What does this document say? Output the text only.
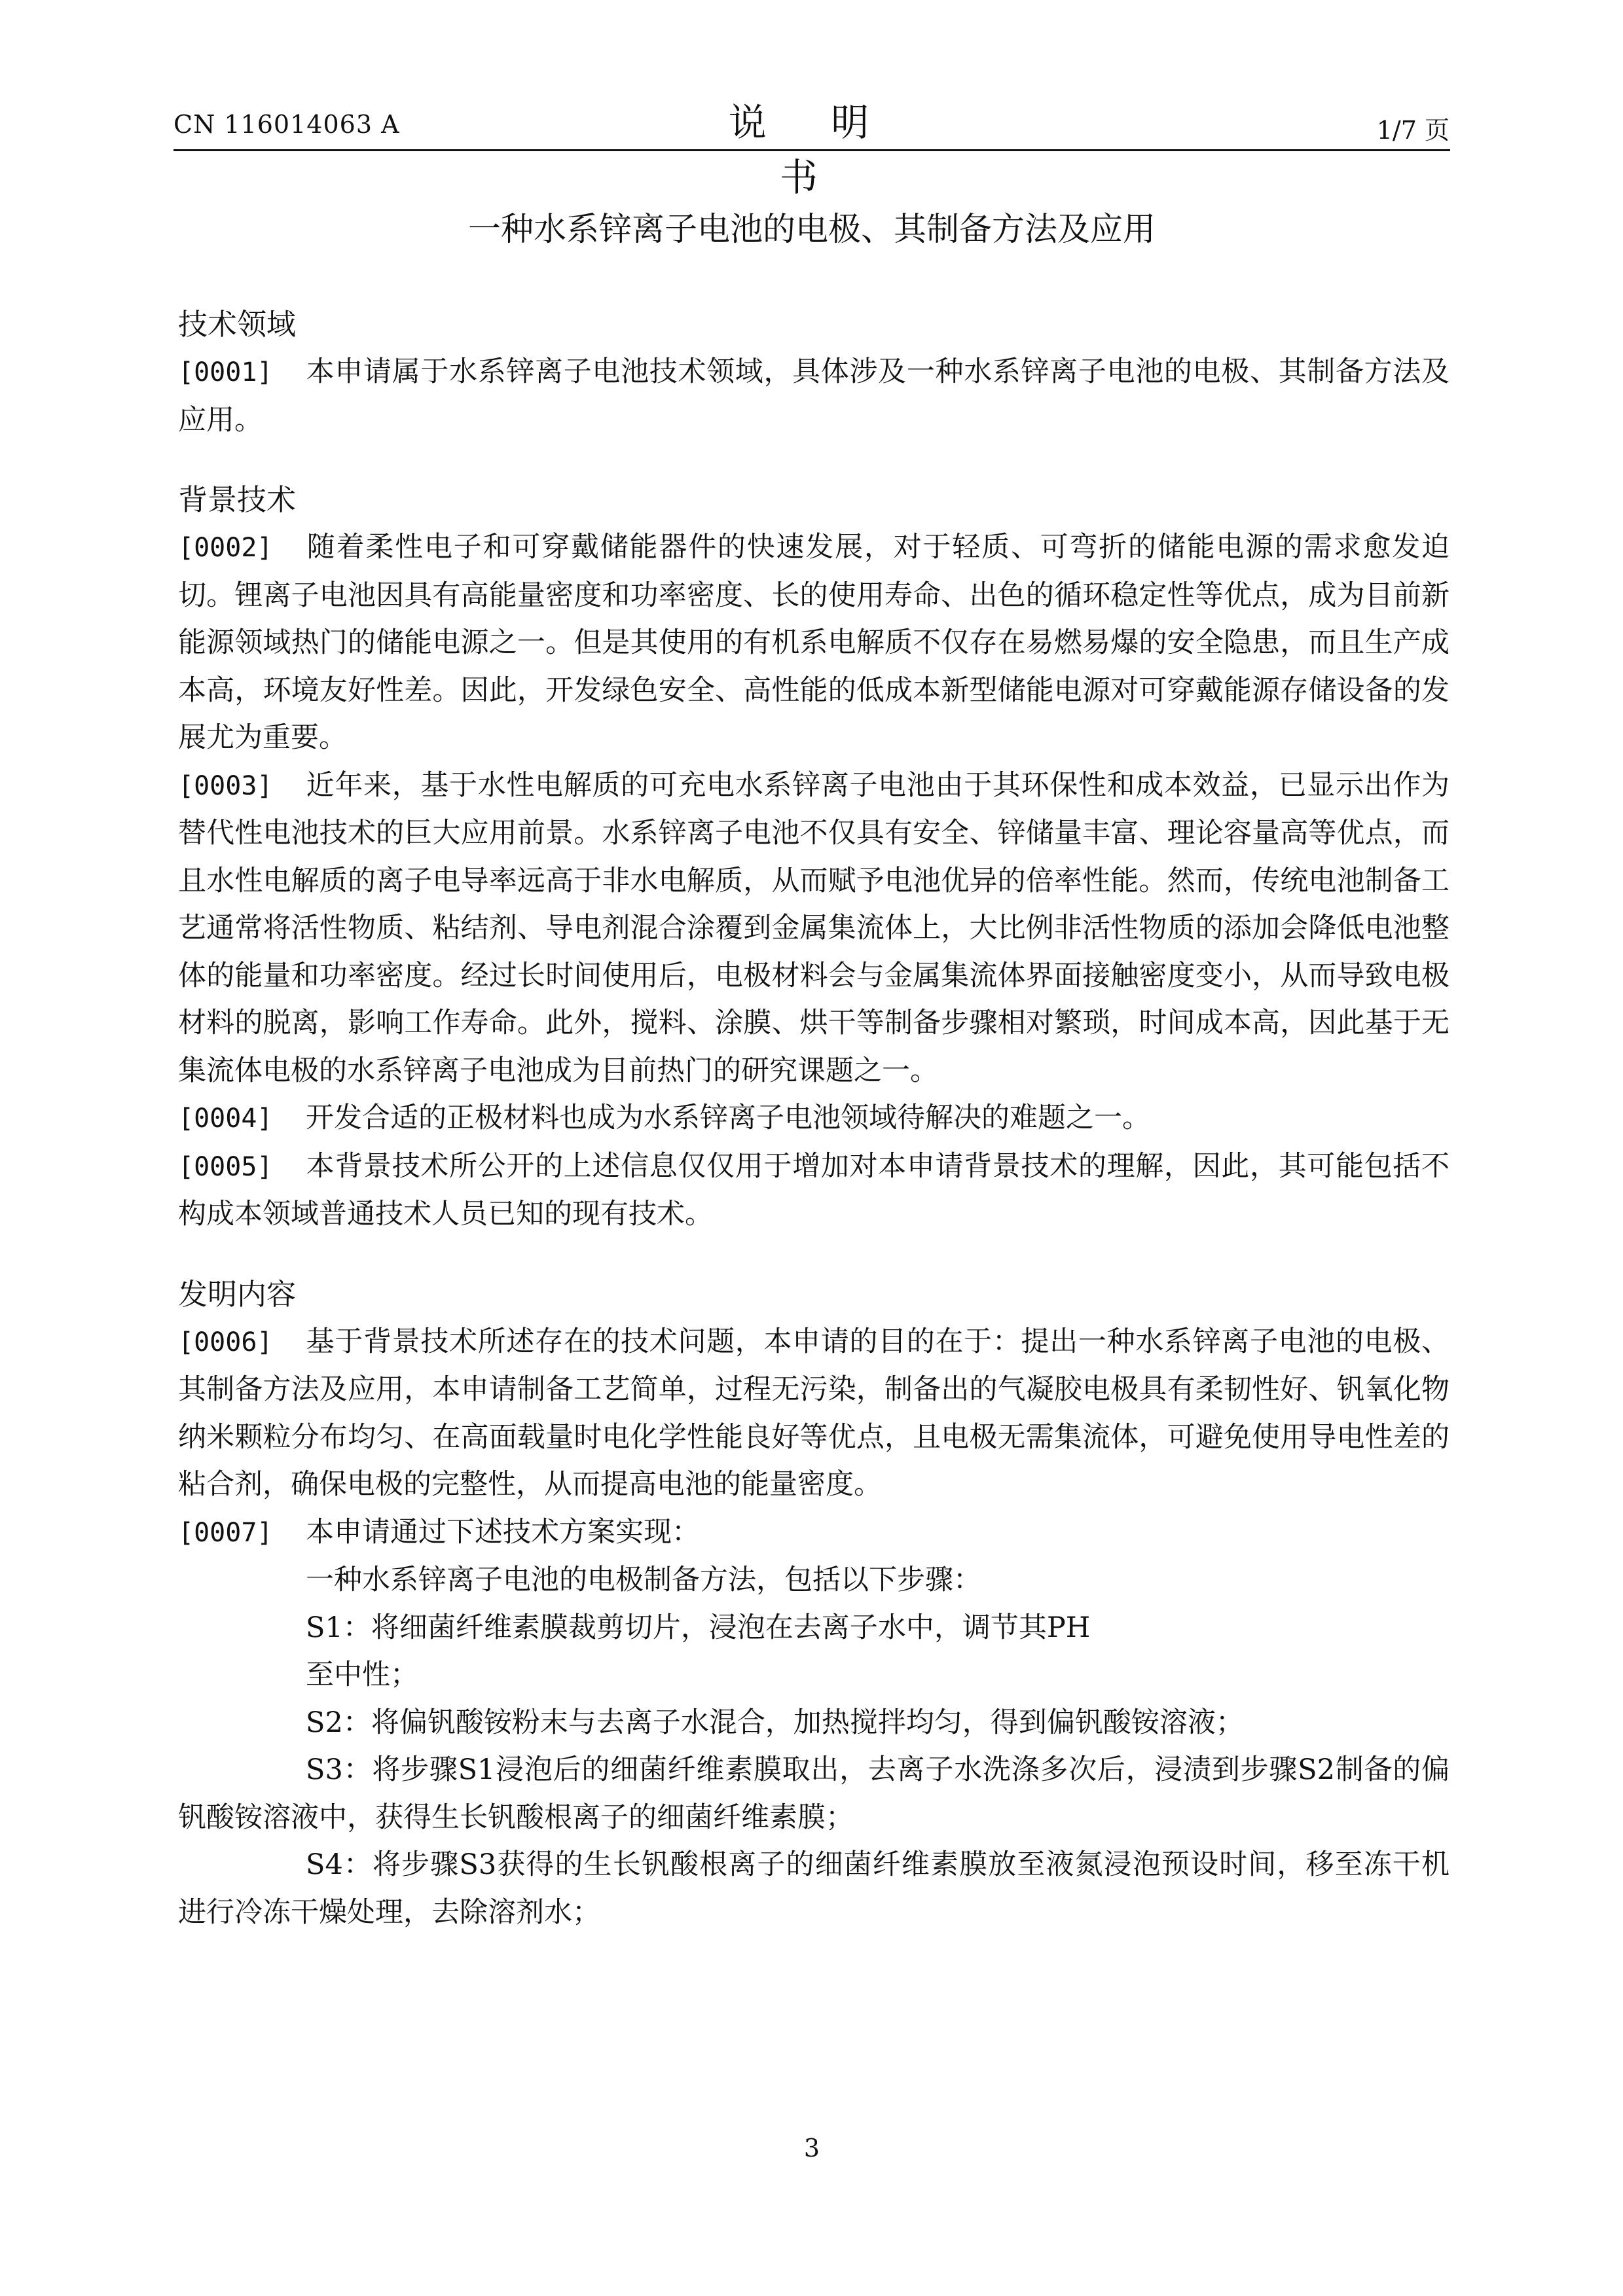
CN 116014063 A	说 明 书
1/7 页
一种水系锌离子电池的电极、其制备方法及应用
技术领域
[0001] 本申请属于水系锌离子电池技术领域，具体涉及一种水系锌离子电池的电极、其制备方法及应用。
背景技术
[0002] 随着柔性电子和可穿戴储能器件的快速发展，对于轻质、可弯折的储能电源的需求愈发迫切。锂离子电池因具有高能量密度和功率密度、长的使用寿命、出色的循环稳定性等优点，成为目前新能源领域热门的储能电源之一。但是其使用的有机系电解质不仅存在易燃易爆的安全隐患，而且生产成本高，环境友好性差。因此，开发绿色安全、高性能的低成本新型储能电源对可穿戴能源存储设备的发展尤为重要。
[0003] 近年来，基于水性电解质的可充电水系锌离子电池由于其环保性和成本效益，已显示出作为替代性电池技术的巨大应用前景。水系锌离子电池不仅具有安全、锌储量丰富、理论容量高等优点，而且水性电解质的离子电导率远高于非水电解质，从而赋予电池优异的倍率性能。然而，传统电池制备工艺通常将活性物质、粘结剂、导电剂混合涂覆到金属集流体上，大比例非活性物质的添加会降低电池整体的能量和功率密度。经过长时间使用后，电极材料会与金属集流体界面接触密度变小，从而导致电极材料的脱离，影响工作寿命。此外，搅料、涂膜、烘干等制备步骤相对繁琐，时间成本高，因此基于无集流体电极的水系锌离子电池成为目前热门的研究课题之一。
[0004] 开发合适的正极材料也成为水系锌离子电池领域待解决的难题之一。
[0005] 本背景技术所公开的上述信息仅仅用于增加对本申请背景技术的理解，因此，其可能包括不构成本领域普通技术人员已知的现有技术。
发明内容
[0006] 基于背景技术所述存在的技术问题，本申请的目的在于：提出一种水系锌离子电池的电极、其制备方法及应用，本申请制备工艺简单，过程无污染，制备出的气凝胶电极具有柔韧性好、钒氧化物纳米颗粒分布均匀、在高面载量时电化学性能良好等优点，且电极无需集流体，可避免使用导电性差的粘合剂，确保电极的完整性，从而提高电池的能量密度。
[0007] 本申请通过下述技术方案实现：
一种水系锌离子电池的电极制备方法，包括以下步骤：
S1：将细菌纤维素膜裁剪切片，浸泡在去离子水中，调节其PH
至中性；
S2：将偏钒酸铵粉末与去离子水混合，加热搅拌均匀，得到偏钒酸铵溶液；
S3：将步骤S1浸泡后的细菌纤维素膜取出，去离子水洗涤多次后，浸渍到步骤S2制备的偏钒酸铵溶液中，获得生长钒酸根离子的细菌纤维素膜；
S4：将步骤S3获得的生长钒酸根离子的细菌纤维素膜放至液氮浸泡预设时间，移至冻干机进行冷冻干燥处理，去除溶剂水；
3
